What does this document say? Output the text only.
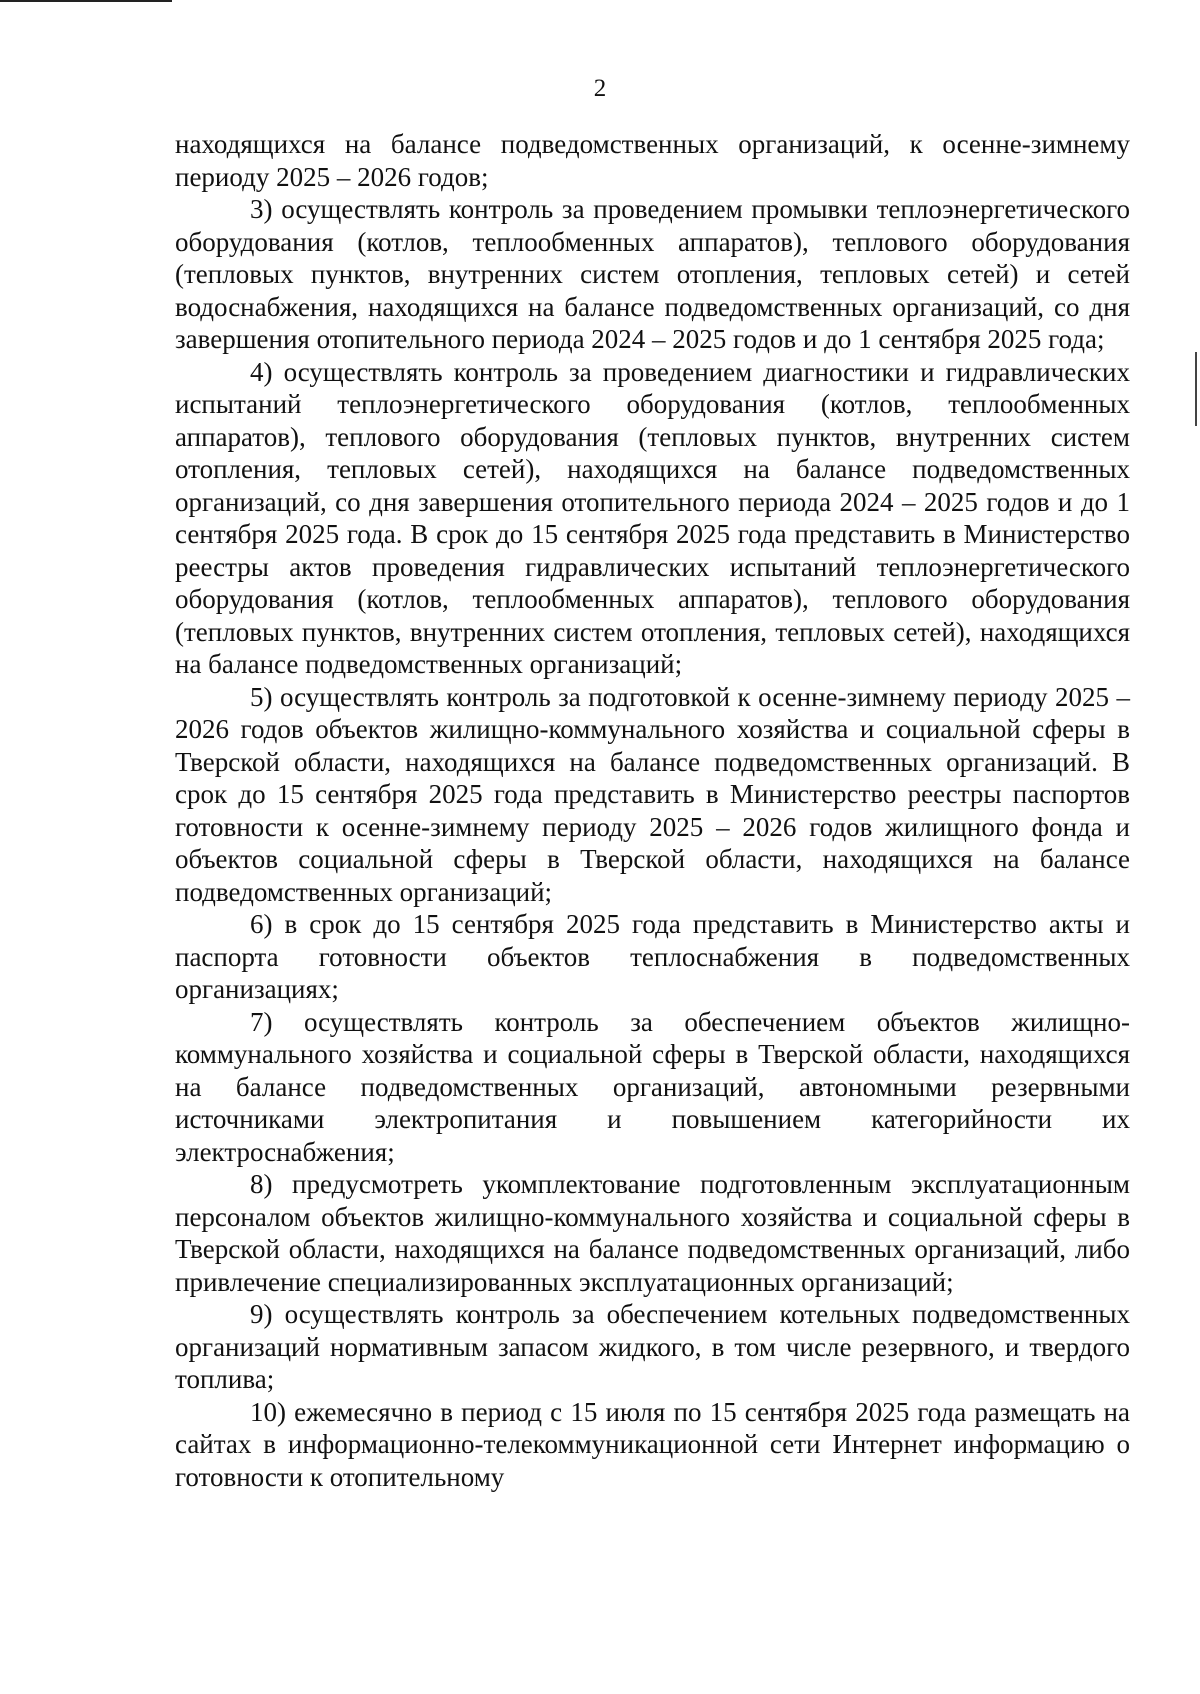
2

находящихся на балансе подведомственных организаций, к осенне-зимнему периоду 2025 – 2026 годов;

3) осуществлять контроль за проведением промывки теплоэнергетического оборудования (котлов, теплообменных аппаратов), теплового оборудования (тепловых пунктов, внутренних систем отопления, тепловых сетей) и сетей водоснабжения, находящихся на балансе подведомственных организаций, со дня завершения отопительного периода 2024 – 2025 годов и до 1 сентября 2025 года;

4) осуществлять контроль за проведением диагностики и гидравлических испытаний теплоэнергетического оборудования (котлов, теплообменных аппаратов), теплового оборудования (тепловых пунктов, внутренних систем отопления, тепловых сетей), находящихся на балансе подведомственных организаций, со дня завершения отопительного периода 2024 – 2025 годов и до 1 сентября 2025 года. В срок до 15 сентября 2025 года представить в Министерство реестры актов проведения гидравлических испытаний теплоэнергетического оборудования (котлов, теплообменных аппаратов), теплового оборудования (тепловых пунктов, внутренних систем отопления, тепловых сетей), находящихся на балансе подведомственных организаций;

5) осуществлять контроль за подготовкой к осенне-зимнему периоду 2025 – 2026 годов объектов жилищно-коммунального хозяйства и социальной сферы в Тверской области, находящихся на балансе подведомственных организаций. В срок до 15 сентября 2025 года представить в Министерство реестры паспортов готовности к осенне-зимнему периоду 2025 – 2026 годов жилищного фонда и объектов социальной сферы в Тверской области, находящихся на балансе подведомственных организаций;

6) в срок до 15 сентября 2025 года представить в Министерство акты и паспорта готовности объектов теплоснабжения в подведомственных организациях;

7) осуществлять контроль за обеспечением объектов жилищно-коммунального хозяйства и социальной сферы в Тверской области, находящихся на балансе подведомственных организаций, автономными резервными источниками электропитания и повышением категорийности их электроснабжения;

8) предусмотреть укомплектование подготовленным эксплуатационным персоналом объектов жилищно-коммунального хозяйства и социальной сферы в Тверской области, находящихся на балансе подведомственных организаций, либо привлечение специализированных эксплуатационных организаций;

9) осуществлять контроль за обеспечением котельных подведомственных организаций нормативным запасом жидкого, в том числе резервного, и твердого топлива;

10) ежемесячно в период с 15 июля по 15 сентября 2025 года размещать на сайтах в информационно-телекоммуникационной сети Интернет информацию о готовности к отопительному
